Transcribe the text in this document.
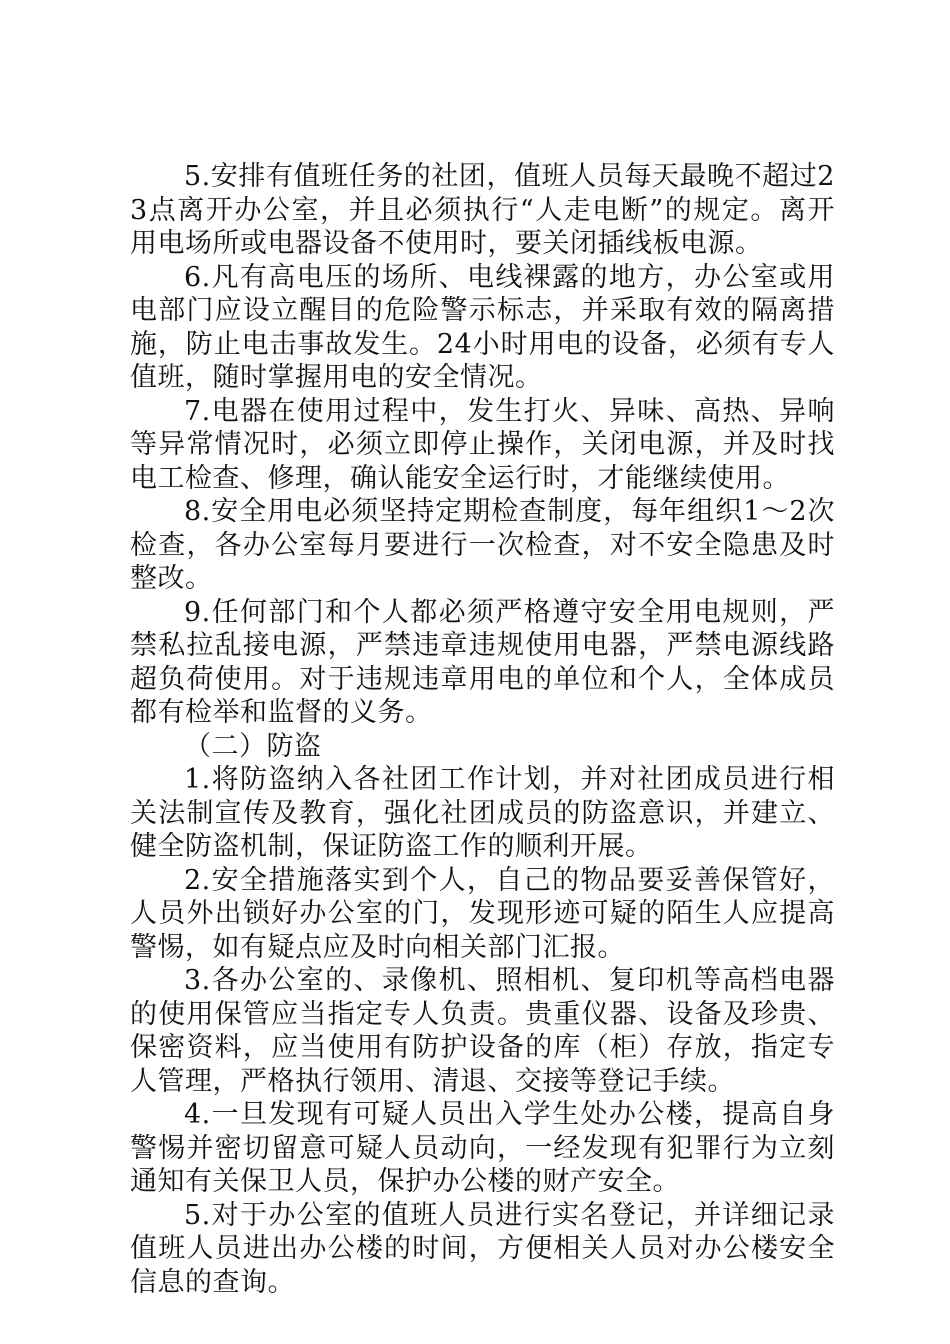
5.安排有值班任务的社团，值班人员每天最晚不超过23点离开办公室，并且必须执行“人走电断”的规定。离开用电场所或电器设备不使用时，要关闭插线板电源。

6.凡有高电压的场所、电线裸露的地方，办公室或用电部门应设立醒目的危险警示标志，并采取有效的隔离措施，防止电击事故发生。24小时用电的设备，必须有专人值班，随时掌握用电的安全情况。

7.电器在使用过程中，发生打火、异味、高热、异响等异常情况时，必须立即停止操作，关闭电源，并及时找电工检查、修理，确认能安全运行时，才能继续使用。

8.安全用电必须坚持定期检查制度，每年组织1～2次检查，各办公室每月要进行一次检查，对不安全隐患及时整改。

9.任何部门和个人都必须严格遵守安全用电规则，严禁私拉乱接电源，严禁违章违规使用电器，严禁电源线路超负荷使用。对于违规违章用电的单位和个人，全体成员都有检举和监督的义务。

（二）防盗

1.将防盗纳入各社团工作计划，并对社团成员进行相关法制宣传及教育，强化社团成员的防盗意识，并建立、健全防盗机制，保证防盗工作的顺利开展。

2.安全措施落实到个人，自己的物品要妥善保管好，人员外出锁好办公室的门，发现形迹可疑的陌生人应提高警惕，如有疑点应及时向相关部门汇报。

3.各办公室的、录像机、照相机、复印机等高档电器的使用保管应当指定专人负责。贵重仪器、设备及珍贵、保密资料，应当使用有防护设备的库（柜）存放，指定专人管理，严格执行领用、清退、交接等登记手续。

4.一旦发现有可疑人员出入学生处办公楼，提高自身警惕并密切留意可疑人员动向，一经发现有犯罪行为立刻通知有关保卫人员，保护办公楼的财产安全。

5.对于办公室的值班人员进行实名登记，并详细记录值班人员进出办公楼的时间，方便相关人员对办公楼安全信息的查询。
